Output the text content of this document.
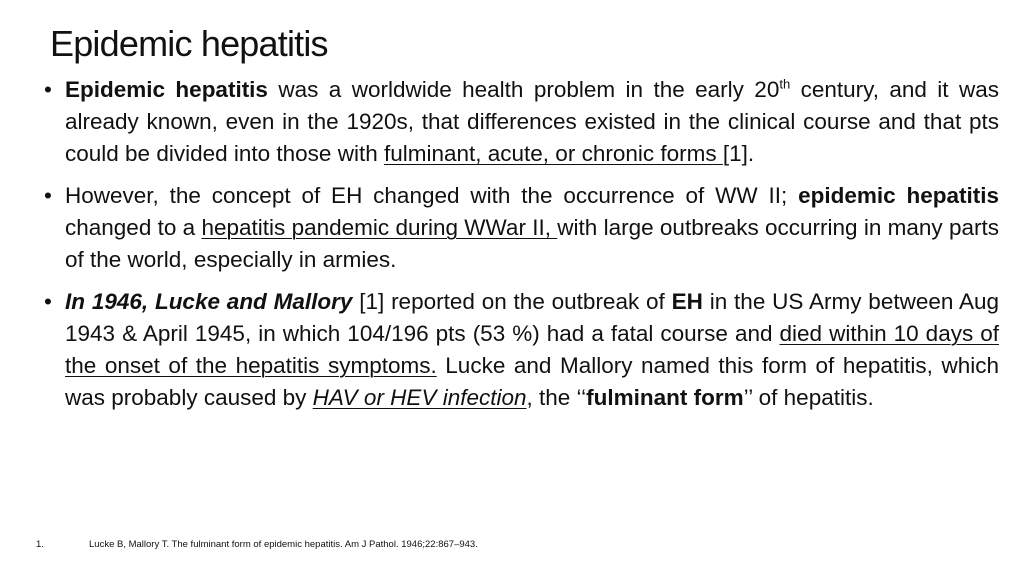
Epidemic hepatitis
• Epidemic hepatitis was a worldwide health problem in the early 20th century, and it was already known, even in the 1920s, that differences existed in the clinical course and that pts could be divided into those with fulminant, acute, or chronic forms [1].
• However, the concept of EH changed with the occurrence of WW II; epidemic hepatitis changed to a hepatitis pandemic during WWar II, with large outbreaks occurring in many parts of the world, especially in armies.
• In 1946, Lucke and Mallory [1] reported on the outbreak of EH in the US Army between Aug 1943 & April 1945, in which 104/196 pts (53 %) had a fatal course and died within 10 days of the onset of the hepatitis symptoms. Lucke and Mallory named this form of hepatitis, which was probably caused by HAV or HEV infection, the ‘‘fulminant form’’ of hepatitis.
1.	Lucke B, Mallory T. The fulminant form of epidemic hepatitis. Am J Pathol. 1946;22:867–943.
